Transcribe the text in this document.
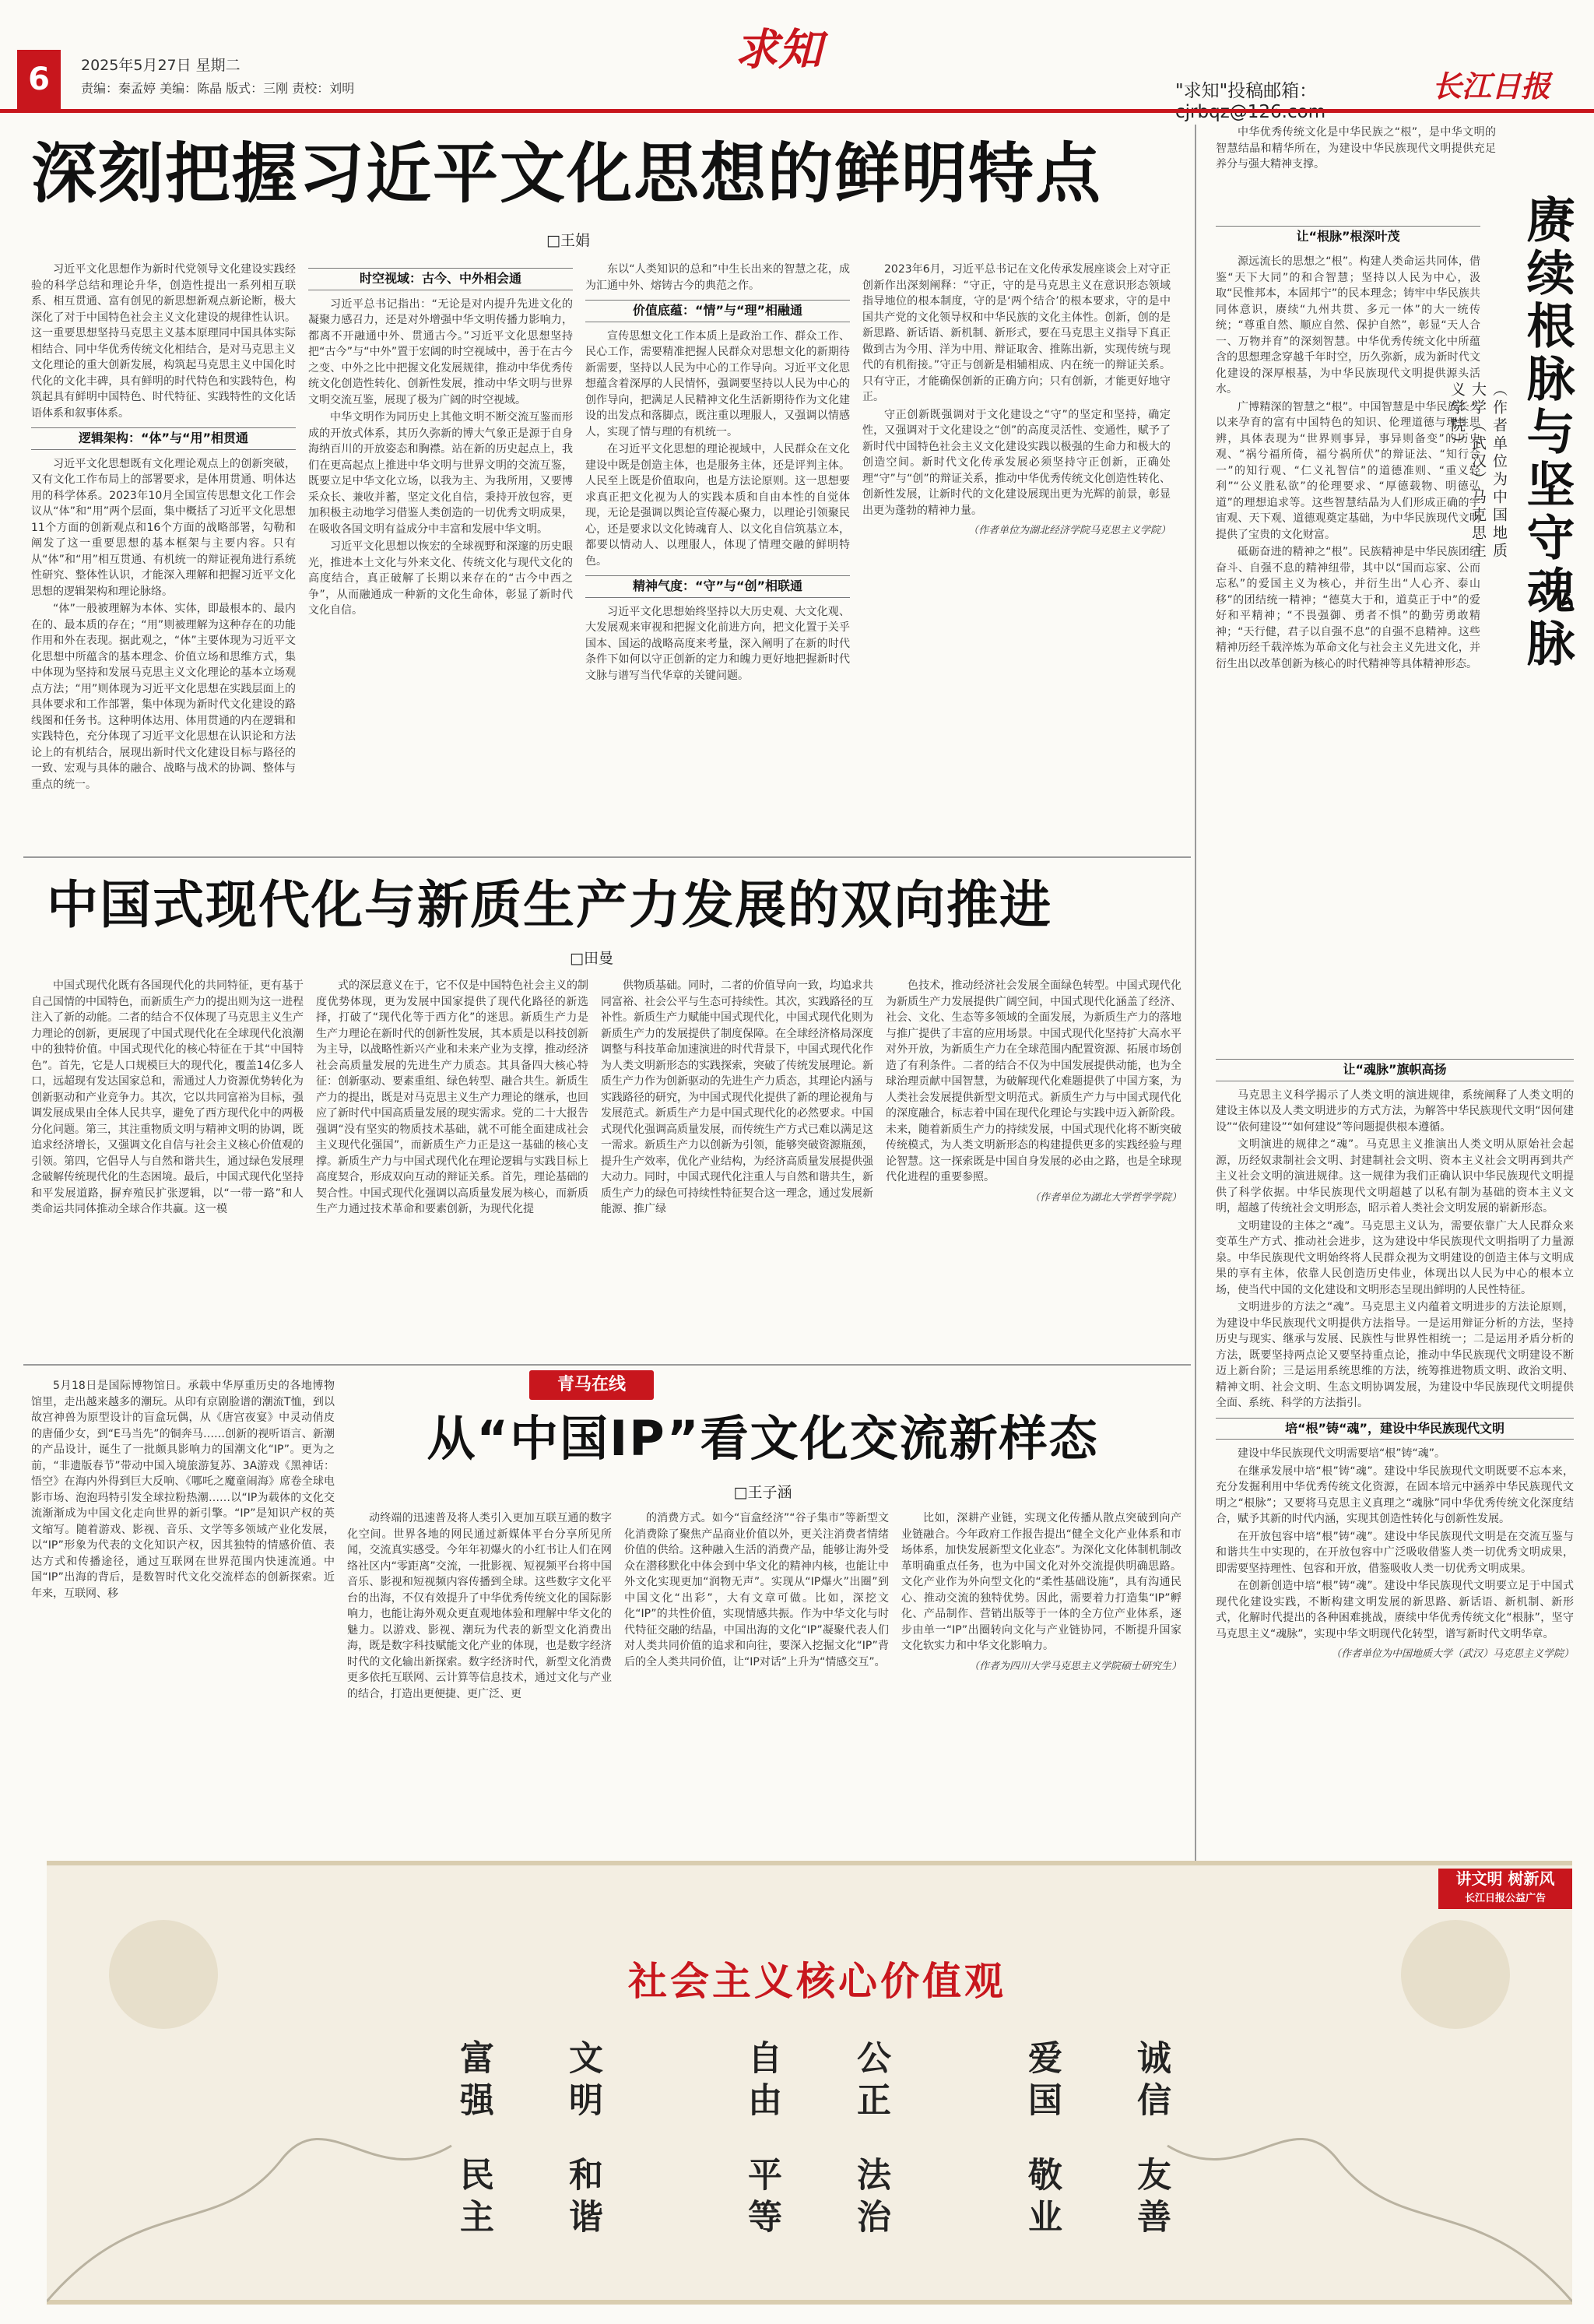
6	2025年5月27日 星期二
责编：秦孟婷 美编：陈晶 版式：三刚 责校：刘明
求知
"求知"投稿邮箱：	长江日报
深刻把握习近平文化思想的鲜明特点
□王娟

习近平文化思想作为新时代党领导文化建设实践经验的科学总结和理论升华，创造性提出一系列相互联系、相互贯通、富有创见的新思想新观点新论断，极大深化了对于中国特色社会主义文化建设的规律性认识。这一重要思想坚持马克思主义基本原理同中国具体实际相结合、同中华优秀传统文化相结合，是对马克思主义文化理论的重大创新发展，构筑起马克思主义中国化时代化的文化丰碑，具有鲜明的时代特色和实践特色，构筑起具有鲜明中国特色、时代特征、实践特性的文化话语体系和叙事体系。

逻辑架构：“体”与“用”相贯通

习近平文化思想既有文化理论观点上的创新突破，又有文化工作布局上的部署要求，是体用贯通、明体达用的科学体系。2023年10月全国宣传思想文化工作会议从“体”和“用”两个层面，集中概括了习近平文化思想11个方面的创新观点和16个方面的战略部署，勾勒和阐发了这一重要思想的基本框架与主要内容。只有从“体”和“用”相互贯通、有机统一的辩证视角进行系统性研究、整体性认识，才能深入理解和把握习近平文化思想的逻辑架构和理论脉络。

“体”一般被理解为本体、实体，即最根本的、最内在的、最本质的存在；“用”则被理解为这种存在的功能作用和外在表现。据此观之，“体”主要体现为习近平文化思想中所蕴含的基本理念、价值立场和思维方式，集中体现为坚持和发展马克思主义文化理论的基本立场观点方法；“用”则体现为习近平文化思想在实践层面上的具体要求和工作部署，集中体现为新时代文化建设的路线图和任务书。这种明体达用、体用贯通的内在逻辑和实践特色，充分体现了习近平文化思想在认识论和方法论上的有机结合，展现出新时代文化建设目标与路径的一致、宏观与具体的融合、战略与战术的协调、整体与重点的统一。

时空视域：古今、中外相会通

习近平总书记指出：“无论是对内提升先进文化的凝聚力感召力，还是对外增强中华文明传播力影响力，都离不开融通中外、贯通古今。”习近平文化思想坚持把“古今”与“中外”置于宏阔的时空视域中，善于在古今之变、中外之比中把握文化发展规律，推动中华优秀传统文化创造性转化、创新性发展，推动中华文明与世界文明交流互鉴，展现了极为广阔的时空视域。

中华文明作为同历史上其他文明不断交流互鉴而形成的开放式体系，其历久弥新的博大气象正是源于自身海纳百川的开放姿态和胸襟。站在新的历史起点上，我们在更高起点上推进中华文明与世界文明的交流互鉴，既要立足中华文化立场，以我为主、为我所用，又要博采众长、兼收并蓄，坚定文化自信，秉持开放包容，更加积极主动地学习借鉴人类创造的一切优秀文明成果，在吸收各国文明有益成分中丰富和发展中华文明。

习近平文化思想以恢宏的全球视野和深邃的历史眼光，推进本土文化与外来文化、传统文化与现代文化的高度结合，真正破解了长期以来存在的“古今中西之争”，从而融通成一种新的文化生命体，彰显了新时代文化自信。

东以“人类知识的总和”中生长出来的智慧之花，成为汇通中外、熔铸古今的典范之作。

价值底蕴：“情”与“理”相融通

宣传思想文化工作本质上是政治工作、群众工作、民心工作，需要精准把握人民群众对思想文化的新期待新需要，坚持以人民为中心的工作导向。习近平文化思想蕴含着深厚的人民情怀，强调要坚持以人民为中心的创作导向，把满足人民精神文化生活新期待作为文化建设的出发点和落脚点，既注重以理服人，又强调以情感人，实现了情与理的有机统一。

在习近平文化思想的理论视域中，人民群众在文化建设中既是创造主体，也是服务主体，还是评判主体。人民至上既是价值取向，也是方法论原则。这一思想要求真正把文化视为人的实践本质和自由本性的自觉体现，无论是强调以舆论宣传凝心聚力，以理论引领聚民心，还是要求以文化铸魂育人、以文化自信筑基立本，都要以情动人、以理服人，体现了情理交融的鲜明特色。

精神气度：“守”与“创”相联通

习近平文化思想始终坚持以大历史观、大文化观、大发展观来审视和把握文化前进方向，把文化置于关乎国本、国运的战略高度来考量，深入阐明了在新的时代条件下如何以守正创新的定力和魄力更好地把握新时代文脉与谱写当代华章的关键问题。

2023年6月，习近平总书记在文化传承发展座谈会上对守正创新作出深刻阐释：“守正，守的是马克思主义在意识形态领域指导地位的根本制度，守的是‘两个结合’的根本要求，守的是中国共产党的文化领导权和中华民族的文化主体性。创新，创的是新思路、新话语、新机制、新形式，要在马克思主义指导下真正做到古为今用、洋为中用、辩证取舍、推陈出新，实现传统与现代的有机衔接。”守正与创新是相辅相成、内在统一的辩证关系。只有守正，才能确保创新的正确方向；只有创新，才能更好地守正。

守正创新既强调对于文化建设之“守”的坚定和坚持，确定性，又强调对于文化建设之“创”的高度灵活性、变通性，赋予了新时代中国特色社会主义文化建设实践以极强的生命力和极大的创造空间。新时代文化传承发展必须坚持守正创新，正确处理“守”与“创”的辩证关系，推动中华优秀传统文化创造性转化、创新性发展，让新时代的文化建设展现出更为光辉的前景，彰显出更为蓬勃的精神力量。

（作者单位为湖北经济学院马克思主义学院）

中华优秀传统文化是中华民族之“根”，是中华文明的智慧结晶和精华所在，为建设中华民族现代文明提供充足养分与强大精神支撑。

让“根脉”根深叶茂

源远流长的思想之“根”。构建人类命运共同体，借鉴“天下大同”的和合智慧；坚持以人民为中心，汲取“民惟邦本，本固邦宁”的民本理念；铸牢中华民族共同体意识，赓续“九州共贯、多元一体”的大一统传统；“尊重自然、顺应自然、保护自然”，彰显“天人合一、万物并育”的深刻智慧。中华优秀传统文化中所蕴含的思想理念穿越千年时空，历久弥新，成为新时代文化建设的深厚根基，为中华民族现代文明提供源头活水。

广博精深的智慧之“根”。中国智慧是中华民族长久以来孕育的富有中国特色的知识、伦理道德与理性思辨，具体表现为“世界则事异，事异则备变”的历史观、“祸兮福所倚，福兮祸所伏”的辩证法、“知行合一”的知行观、“仁义礼智信”的道德准则、“重义轻利”“公义胜私欲”的伦理要求、“厚德载物、明德弘道”的理想追求等。这些智慧结晶为人们形成正确的宇宙观、天下观、道德观奠定基础，为中华民族现代文明提供了宝贵的文化财富。

砥砺奋进的精神之“根”。民族精神是中华民族团结奋斗、自强不息的精神纽带，其中以“国而忘家、公而忘私”的爱国主义为核心，并衍生出“人心齐、泰山移”的团结统一精神；“德莫大于和，道莫正于中”的爱好和平精神；“不畏强御、勇者不惧”的勤劳勇敢精神；“天行健，君子以自强不息”的自强不息精神。这些精神历经千载淬炼为革命文化与社会主义先进文化，并衍生出以改革创新为核心的时代精神等具体精神形态。 赓续根脉与坚守魂脉
（作者单位为中国地质大学（武汉）马克思主义学院）

让“魂脉”旗帜高扬

马克思主义科学揭示了人类文明的演进规律，系统阐释了人类文明的建设主体以及人类文明进步的方式方法，为解答中华民族现代文明“因何建设”“依何建设”“如何建设”等问题提供根本遵循。

文明演进的规律之“魂”。马克思主义推演出人类文明从原始社会起源，历经奴隶制社会文明、封建制社会文明、资本主义社会文明再到共产主义社会文明的演进规律。这一规律为我们正确认识中华民族现代文明提供了科学依据。中华民族现代文明超越了以私有制为基础的资本主义文明，超越了传统社会文明形态，昭示着人类社会文明发展的崭新形态。

文明建设的主体之“魂”。马克思主义认为，需要依靠广大人民群众来变革生产方式、推动社会进步，这为建设中华民族现代文明指明了力量源泉。中华民族现代文明始终将人民群众视为文明建设的创造主体与文明成果的享有主体，依靠人民创造历史伟业，体现出以人民为中心的根本立场，使当代中国的文化建设和文明形态呈现出鲜明的人民性特征。

文明进步的方法之“魂”。马克思主义内蕴着文明进步的方法论原则，为建设中华民族现代文明提供方法指导。一是运用辩证分析的方法，坚持历史与现实、继承与发展、民族性与世界性相统一；二是运用矛盾分析的方法，既要坚持两点论又要坚持重点论，推动中华民族现代文明建设不断迈上新台阶；三是运用系统思维的方法，统筹推进物质文明、政治文明、精神文明、社会文明、生态文明协调发展，为建设中华民族现代文明提供全面、系统、科学的方法指引。

培“根”铸“魂”，建设中华民族现代文明

建设中华民族现代文明需要培“根”铸“魂”。

在继承发展中培“根”铸“魂”。建设中华民族现代文明既要不忘本来，充分发掘利用中华优秀传统文化资源，在固本培元中涵养中华民族现代文明之“根脉”；又要将马克思主义真理之“魂脉”同中华优秀传统文化深度结合，赋予其新的时代内涵，实现其创造性转化与创新性发展。

在开放包容中培“根”铸“魂”。建设中华民族现代文明是在交流互鉴与和谐共生中实现的，在开放包容中广泛吸收借鉴人类一切优秀文明成果，即需要坚持理性、包容和开放，借鉴吸收人类一切优秀文明成果。

在创新创造中培“根”铸“魂”。建设中华民族现代文明要立足于中国式现代化建设实践，不断构建文明发展的新思路、新话语、新机制、新形式，化解时代提出的各种困难挑战，赓续中华优秀传统文化“根脉”，坚守马克思主义“魂脉”，实现中华文明现代化转型，谱写新时代文明华章。

（作者单位为中国地质大学（武汉）马克思主义学院）
中国式现代化与新质生产力发展的双向推进
□田曼

中国式现代化既有各国现代化的共同特征，更有基于自己国情的中国特色，而新质生产力的提出则为这一进程注入了新的动能。二者的结合不仅体现了马克思主义生产力理论的创新，更展现了中国式现代化在全球现代化浪潮中的独特价值。中国式现代化的核心特征在于其“中国特色”。首先，它是人口规模巨大的现代化，覆盖14亿多人口，远超现有发达国家总和，需通过人力资源优势转化为创新驱动和产业竞争力。其次，它以共同富裕为目标，强调发展成果由全体人民共享，避免了西方现代化中的两极分化问题。第三，其注重物质文明与精神文明的协调，既追求经济增长，又强调文化自信与社会主义核心价值观的引领。第四，它倡导人与自然和谐共生，通过绿色发展理念破解传统现代化的生态困境。最后，中国式现代化坚持和平发展道路，摒弃殖民扩张逻辑，以“一带一路”和人类命运共同体推动全球合作共赢。这一模

式的深层意义在于，它不仅是中国特色社会主义的制度优势体现，更为发展中国家提供了现代化路径的新选择，打破了“现代化等于西方化”的迷思。新质生产力是生产力理论在新时代的创新性发展，其本质是以科技创新为主导，以战略性新兴产业和未来产业为支撑，推动经济社会高质量发展的先进生产力质态。其具备四大核心特征：创新驱动、要素重组、绿色转型、融合共生。新质生产力的提出，既是对马克思主义生产力理论的继承，也回应了新时代中国高质量发展的现实需求。党的二十大报告强调“没有坚实的物质技术基础，就不可能全面建成社会主义现代化强国”，而新质生产力正是这一基础的核心支撑。新质生产力与中国式现代化在理论逻辑与实践目标上高度契合，形成双向互动的辩证关系。首先，理论基础的契合性。中国式现代化强调以高质量发展为核心，而新质生产力通过技术革命和要素创新，为现代化提

供物质基础。同时，二者的价值导向一致，均追求共同富裕、社会公平与生态可持续性。其次，实践路径的互补性。新质生产力赋能中国式现代化，中国式现代化则为新质生产力的发展提供了制度保障。在全球经济格局深度调整与科技革命加速演进的时代背景下，中国式现代化作为人类文明新形态的实践探索，突破了传统发展理论。新质生产力作为创新驱动的先进生产力质态，其理论内涵与实践路径的研究，为中国式现代化提供了新的理论视角与发展范式。新质生产力是中国式现代化的必然要求。中国式现代化强调高质量发展，而传统生产方式已难以满足这一需求。新质生产力以创新为引领，能够突破资源瓶颈，提升生产效率，优化产业结构，为经济高质量发展提供强大动力。同时，中国式现代化注重人与自然和谐共生，新质生产力的绿色可持续性特征契合这一理念，通过发展新能源、推广绿

色技术，推动经济社会发展全面绿色转型。中国式现代化为新质生产力发展提供广阔空间，中国式现代化涵盖了经济、社会、文化、生态等多领域的全面发展，为新质生产力的落地与推广提供了丰富的应用场景。中国式现代化坚持扩大高水平对外开放，为新质生产力在全球范围内配置资源、拓展市场创造了有利条件。二者的结合不仅为中国发展提供动能，也为全球治理贡献中国智慧，为破解现代化难题提供了中国方案，为人类社会发展提供新型文明范式。新质生产力与中国式现代化的深度融合，标志着中国在现代化理论与实践中迈入新阶段。未来，随着新质生产力的持续发展，中国式现代化将不断突破传统模式，为人类文明新形态的构建提供更多的实践经验与理论智慧。这一探索既是中国自身发展的必由之路，也是全球现代化进程的重要参照。

（作者单位为湖北大学哲学学院）
青马在线

5月18日是国际博物馆日。承载中华厚重历史的各地博物馆里，走出越来越多的潮玩。从印有京剧脸谱的潮流T恤，到以故宫神兽为原型设计的盲盒玩偶，从《唐宫夜宴》中灵动俏皮的唐俑少女，到“E马当先”的铜奔马……创新的视听语言、新潮的产品设计，诞生了一批颇具影响力的国潮文化“IP”。更为之前，“非遗版春节”带动中国入境旅游复苏、3A游戏《黑神话：悟空》在海内外得到巨大反响、《哪吒之魔童闹海》席卷全球电影市场、泡泡玛特引发全球拉粉热潮……以“IP为载体的文化交流渐渐成为中国文化走向世界的新引擎。“IP”是知识产权的英文缩写。随着游戏、影视、音乐、文学等多领域产业化发展，以“IP”形象为代表的文化知识产权，因其独特的情感价值、表达方式和传播途径，通过互联网在世界范围内快速流通。中国“IP”出海的背后，是数智时代文化交流样态的创新探索。近年来，互联网、移

从“中国IP”看文化交流新样态
□王子涵

动终端的迅速普及将人类引入更加互联互通的数字化空间。世界各地的网民通过新媒体平台分享所见所闻，交流真实感受。今年年初爆火的小红书让人们在网络社区内“零距离”交流，一批影视、短视频平台将中国音乐、影视和短视频内容传播到全球。这些数字文化平台的出海，不仅有效提升了中华优秀传统文化的国际影响力，也能让海外观众更直观地体验和理解中华文化的魅力。以游戏、影视、潮玩为代表的新型文化消费出海，既是数字科技赋能文化产业的体现，也是数字经济时代的文化输出新探索。数字经济时代，新型文化消费更多依托互联网、云计算等信息技术，通过文化与产业的结合，打造出更便捷、更广泛、更

的消费方式。如今“盲盒经济”“谷子集市”等新型文化消费除了聚焦产品商业价值以外，更关注消费者情绪价值的供给。这种融入生活的消费产品，能够让海外受众在潜移默化中体会到中华文化的精神内核，也能让中外文化实现更加“润物无声”。实现从“IP爆火”出圈”到中国文化“出彩”，大有文章可做。比如，深挖文化“IP”的共性价值，实现情感共振。作为中华文化与时代特征交融的结晶，中国出海的文化“IP”凝聚代表人们对人类共同价值的追求和向往，要深入挖掘文化“IP”背后的全人类共同价值，让“IP对话”上升为“情感交互”。

比如，深耕产业链，实现文化传播从散点突破到向产业链融合。今年政府工作报告提出“健全文化产业体系和市场体系，加快发展新型文化业态”。为深化文化体制机制改革明确重点任务，也为中国文化对外交流提供明确思路。文化产业作为外向型文化的“柔性基础设施”，具有沟通民心、推动交流的独特优势。因此，需要着力打造集“IP”孵化、产品制作、营销出版等于一体的全方位产业体系，逐步由单一“IP”出圈转向文化与产业链协同，不断提升国家文化软实力和中华文化影响力。

（作者为四川大学马克思主义学院硕士研究生）
讲文明 树新风
长江日报公益广告
社会主义核心价值观
富强
民主
文明
和谐
自由
平等
公正
法治
爱国
敬业
诚信
友善
